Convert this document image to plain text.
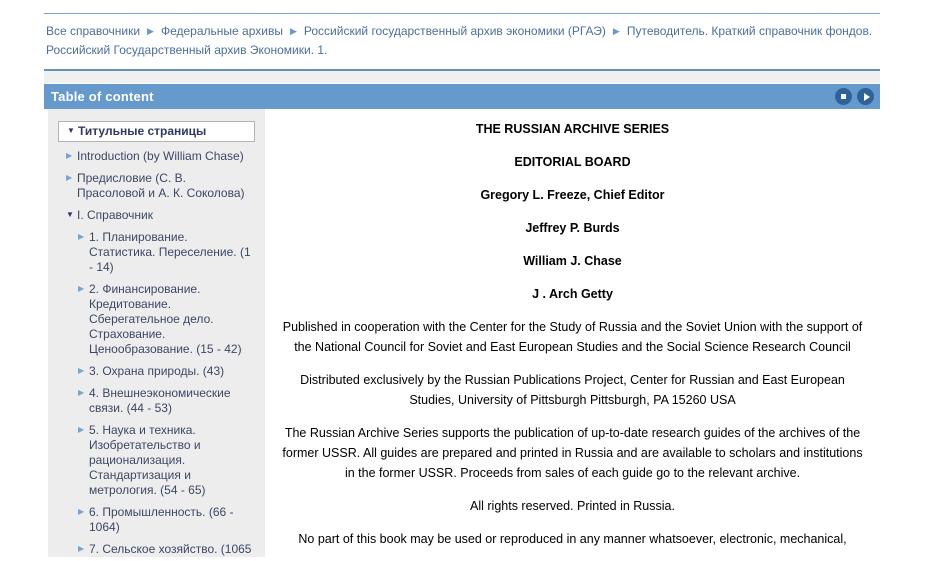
Все справочники ▶ Федеральные архивы ▶ Российский государственный архив экономики (РГАЭ) ▶ Путеводитель. Краткий справочник фондов. Российский Государственный архив Экономики. 1.
Table of content
▼ Титульные страницы
▶ Introduction (by William Chase)
▶ Предисловие (С. В. Прасоловой и А. К. Соколова)
▼ I. Справочник
▶ 1. Планирование. Статистика. Переселение. (1 - 14)
▶ 2. Финансирование. Кредитование. Сберегательное дело. Страхование. Ценообразование. (15 - 42)
▶ 3. Охрана природы. (43)
▶ 4. Внешнеэкономические связи. (44 - 53)
▶ 5. Наука и техника. Изобретательство и рационализация. Стандартизация и метрология. (54 - 65)
▶ 6. Промышленность. (66 - 1064)
▶ 7. Сельское хозяйство. (1065
THE RUSSIAN ARCHIVE SERIES
EDITORIAL BOARD
Gregory L. Freeze, Chief Editor
Jeffrey P. Burds
William J. Chase
J . Arch Getty
Published in cooperation with the Center for the Study of Russia and the Soviet Union with the support of the National Council for Soviet and East European Studies and the Social Science Research Council
Distributed exclusively by the Russian Publications Project, Center for Russian and East European Studies, University of Pittsburgh Pittsburgh, PA 15260 USA
The Russian Archive Series supports the publication of up-to-date research guides of the archives of the former USSR. All guides are prepared and printed in Russia and are available to scholars and institutions in the former USSR. Proceeds from sales of each guide go to the relevant archive.
All rights reserved. Printed in Russia.
No part of this book may be used or reproduced in any manner whatsoever, electronic, mechanical,
